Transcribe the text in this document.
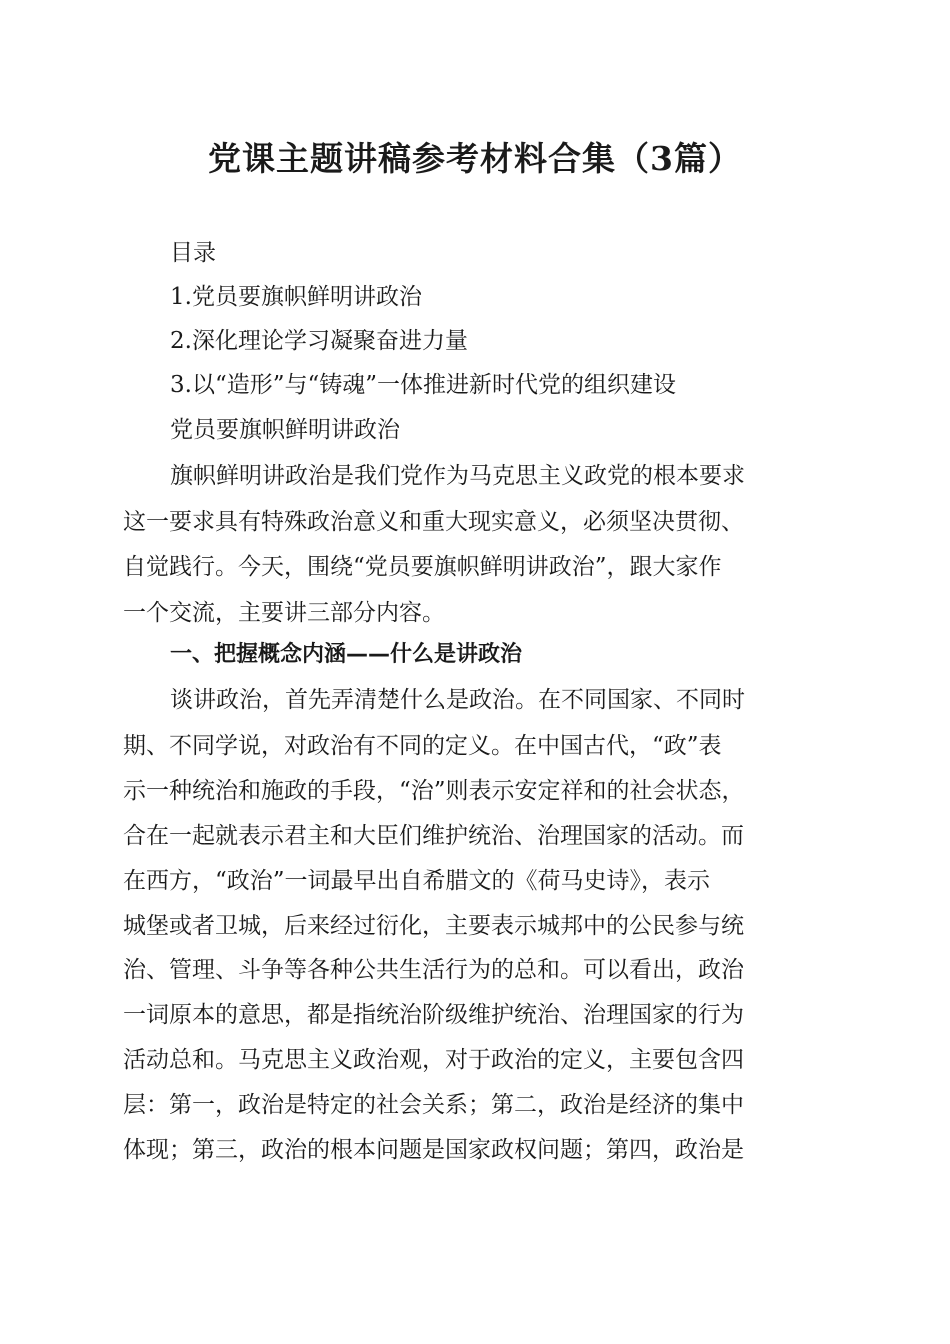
党课主题讲稿参考材料合集（3篇）
目录
1.党员要旗帜鲜明讲政治
2.深化理论学习凝聚奋进力量
3.以“造形”与“铸魂”一体推进新时代党的组织建设
党员要旗帜鲜明讲政治
旗帜鲜明讲政治是我们党作为马克思主义政党的根本要求
这一要求具有特殊政治意义和重大现实意义，必须坚决贯彻、
自觉践行。今天，围绕“党员要旗帜鲜明讲政治”，跟大家作
一个交流，主要讲三部分内容。
一、把握概念内涵——什么是讲政治
谈讲政治，首先弄清楚什么是政治。在不同国家、不同时
期、不同学说，对政治有不同的定义。在中国古代，“政”表
示一种统治和施政的手段，“治”则表示安定祥和的社会状态，
合在一起就表示君主和大臣们维护统治、治理国家的活动。而
在西方，“政治”一词最早出自希腊文的《荷马史诗》，表示
城堡或者卫城，后来经过衍化，主要表示城邦中的公民参与统
治、管理、斗争等各种公共生活行为的总和。可以看出，政治
一词原本的意思，都是指统治阶级维护统治、治理国家的行为
活动总和。马克思主义政治观，对于政治的定义，主要包含四
层：第一，政治是特定的社会关系；第二，政治是经济的集中
体现；第三，政治的根本问题是国家政权问题；第四，政治是
